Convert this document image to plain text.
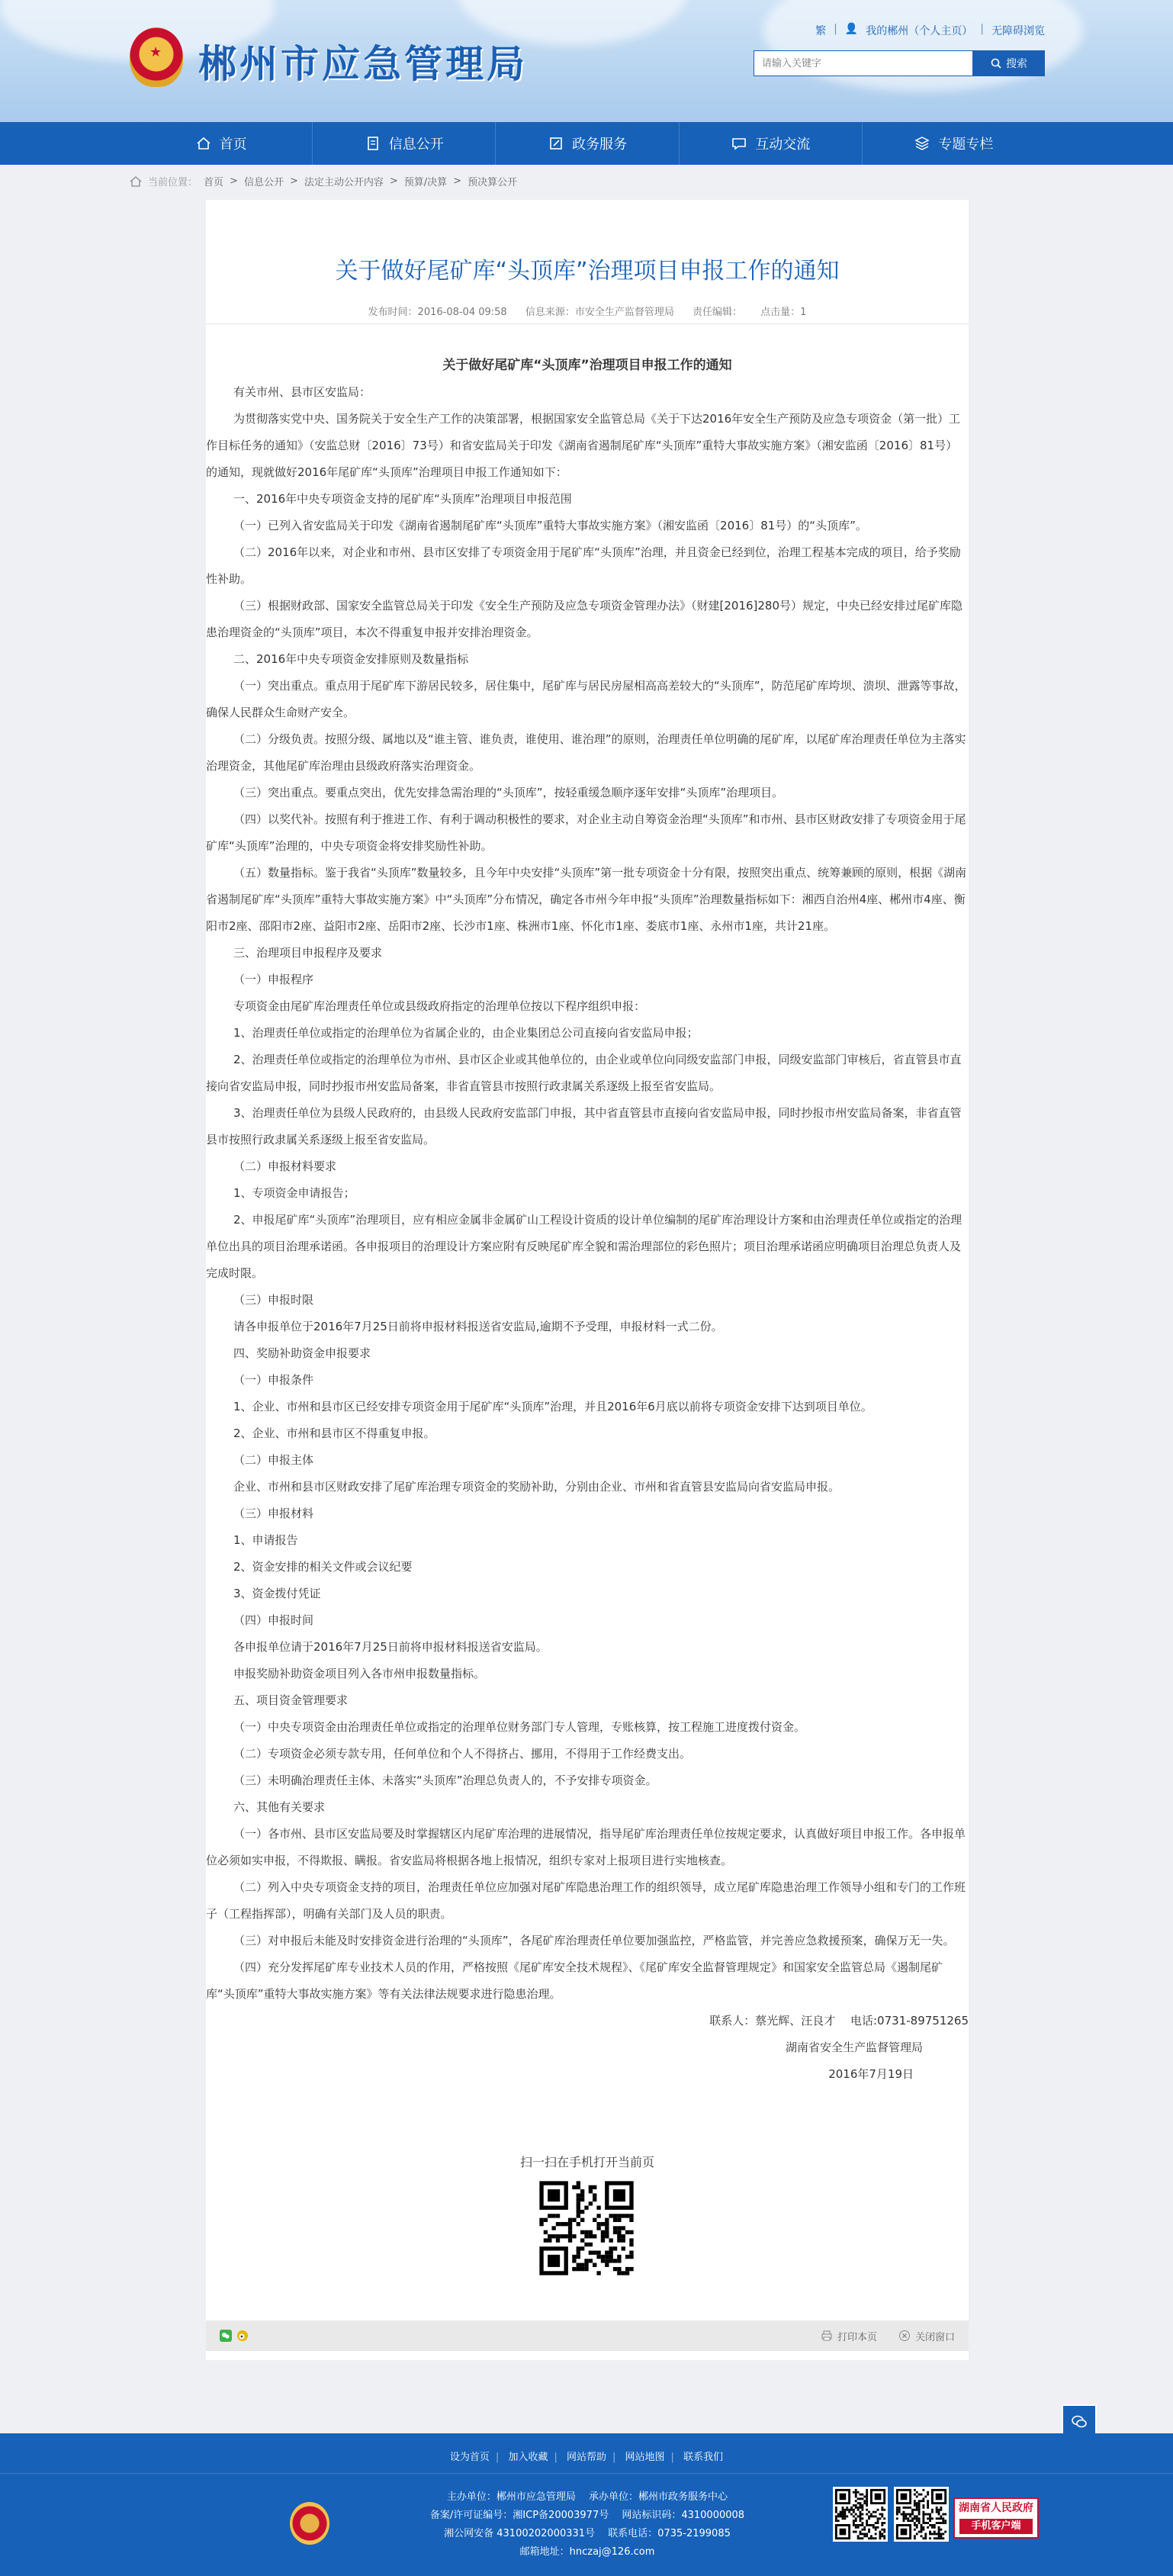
★ 郴州市应急管理局
繁 | 👤 我的郴州（个人主页） | 无障碍浏览
请输入关键字
搜索
首页	信息公开	政务服务	互动交流	专题专栏
当前位置： 首页 > 信息公开 > 法定主动公开内容 > 预算/决算 > 预决算公开
关于做好尾矿库“头顶库”治理项目申报工作的通知
发布时间：2016-08-04 09:58 信息来源：市安全生产监督管理局 责任编辑： 点击量：1
关于做好尾矿库“头顶库”治理项目申报工作的通知

有关市州、县市区安监局：

为贯彻落实党中央、国务院关于安全生产工作的决策部署，根据国家安全监管总局《关于下达2016年安全生产预防及应急专项资金（第一批）工作目标任务的通知》（安监总财〔2016〕73号）和省安监局关于印发《湖南省遏制尾矿库“头顶库”重特大事故实施方案》（湘安监函〔2016〕81号）的通知，现就做好2016年尾矿库“头顶库”治理项目申报工作通知如下：

一、2016年中央专项资金支持的尾矿库“头顶库”治理项目申报范围

（一）已列入省安监局关于印发《湖南省遏制尾矿库“头顶库”重特大事故实施方案》（湘安监函〔2016〕81号）的“头顶库”。

（二）2016年以来，对企业和市州、县市区安排了专项资金用于尾矿库“头顶库”治理，并且资金已经到位，治理工程基本完成的项目，给予奖励性补助。

（三）根据财政部、国家安全监管总局关于印发《安全生产预防及应急专项资金管理办法》（财建[2016]280号）规定，中央已经安排过尾矿库隐患治理资金的“头顶库”项目，本次不得重复申报并安排治理资金。

二、2016年中央专项资金安排原则及数量指标

（一）突出重点。重点用于尾矿库下游居民较多，居住集中，尾矿库与居民房屋相高高差较大的“头顶库”，防范尾矿库垮坝、溃坝、泄露等事故，确保人民群众生命财产安全。

（二）分级负责。按照分级、属地以及“谁主管、谁负责，谁使用、谁治理”的原则，治理责任单位明确的尾矿库，以尾矿库治理责任单位为主落实治理资金，其他尾矿库治理由县级政府落实治理资金。

（三）突出重点。要重点突出，优先安排急需治理的“头顶库”，按轻重缓急顺序逐年安排“头顶库”治理项目。

（四）以奖代补。按照有利于推进工作、有利于调动积极性的要求，对企业主动自筹资金治理“头顶库”和市州、县市区财政安排了专项资金用于尾矿库“头顶库”治理的，中央专项资金将安排奖励性补助。

（五）数量指标。鉴于我省“头顶库”数量较多，且今年中央安排“头顶库”第一批专项资金十分有限，按照突出重点、统筹兼顾的原则，根据《湖南省遏制尾矿库“头顶库”重特大事故实施方案》中“头顶库”分布情况，确定各市州今年申报“头顶库”治理数量指标如下：湘西自治州4座、郴州市4座、衡阳市2座、邵阳市2座、益阳市2座、岳阳市2座、长沙市1座、株洲市1座、怀化市1座、娄底市1座、永州市1座，共计21座。

三、治理项目申报程序及要求

（一）申报程序

专项资金由尾矿库治理责任单位或县级政府指定的治理单位按以下程序组织申报：

1、治理责任单位或指定的治理单位为省属企业的，由企业集团总公司直接向省安监局申报；

2、治理责任单位或指定的治理单位为市州、县市区企业或其他单位的，由企业或单位向同级安监部门申报，同级安监部门审核后，省直管县市直接向省安监局申报，同时抄报市州安监局备案，非省直管县市按照行政隶属关系逐级上报至省安监局。

3、治理责任单位为县级人民政府的，由县级人民政府安监部门申报，其中省直管县市直接向省安监局申报，同时抄报市州安监局备案，非省直管县市按照行政隶属关系逐级上报至省安监局。

（二）申报材料要求

1、专项资金申请报告；

2、申报尾矿库“头顶库”治理项目，应有相应金属非金属矿山工程设计资质的设计单位编制的尾矿库治理设计方案和由治理责任单位或指定的治理单位出具的项目治理承诺函。各申报项目的治理设计方案应附有反映尾矿库全貌和需治理部位的彩色照片；项目治理承诺函应明确项目治理总负责人及完成时限。

（三）申报时限

请各申报单位于2016年7月25日前将申报材料报送省安监局,逾期不予受理，申报材料一式二份。

四、奖励补助资金申报要求

（一）申报条件

1、企业、市州和县市区已经安排专项资金用于尾矿库“头顶库”治理，并且2016年6月底以前将专项资金安排下达到项目单位。

2、企业、市州和县市区不得重复申报。

（二）申报主体

企业、市州和县市区财政安排了尾矿库治理专项资金的奖励补助，分别由企业、市州和省直管县安监局向省安监局申报。

（三）申报材料

1、申请报告

2、资金安排的相关文件或会议纪要

3、资金拨付凭证

（四）申报时间

各申报单位请于2016年7月25日前将申报材料报送省安监局。

申报奖励补助资金项目列入各市州申报数量指标。

五、项目资金管理要求

（一）中央专项资金由治理责任单位或指定的治理单位财务部门专人管理，专账核算，按工程施工进度拨付资金。

（二）专项资金必须专款专用，任何单位和个人不得挤占、挪用，不得用于工作经费支出。

（三）未明确治理责任主体、未落实“头顶库”治理总负责人的，不予安排专项资金。

六、其他有关要求

（一）各市州、县市区安监局要及时掌握辖区内尾矿库治理的进展情况，指导尾矿库治理责任单位按规定要求，认真做好项目申报工作。各申报单位必须如实申报，不得欺报、瞒报。省安监局将根据各地上报情况，组织专家对上报项目进行实地核查。

（二）列入中央专项资金支持的项目，治理责任单位应加强对尾矿库隐患治理工作的组织领导，成立尾矿库隐患治理工作领导小组和专门的工作班子（工程指挥部），明确有关部门及人员的职责。

（三）对申报后未能及时安排资金进行治理的“头顶库”，各尾矿库治理责任单位要加强监控，严格监管，并完善应急救援预案，确保万无一失。

（四）充分发挥尾矿库专业技术人员的作用，严格按照《尾矿库安全技术规程》、《尾矿库安全监督管理规定》和国家安全监管总局《遏制尾矿库“头顶库”重特大事故实施方案》等有关法律法规要求进行隐患治理。

联系人：蔡光辉、汪良才　 电话:0731-89751265

湖南省安全生产监督管理局

2016年7月19日

扫一扫在手机打开当前页
打印本页	关闭窗口
设为首页 | 加入收藏 | 网站帮助 | 网站地图 | 联系我们
主办单位：郴州市应急管理局　 承办单位：郴州市政务服务中心
备案/许可证编号：湘ICP备20003977号　 网站标识码：4310000008
湘公网安备 43100202000331号　 联系电话：0735-2199085
邮箱地址：hnczaj@126.com
湖南省人民政府
手机客户端
